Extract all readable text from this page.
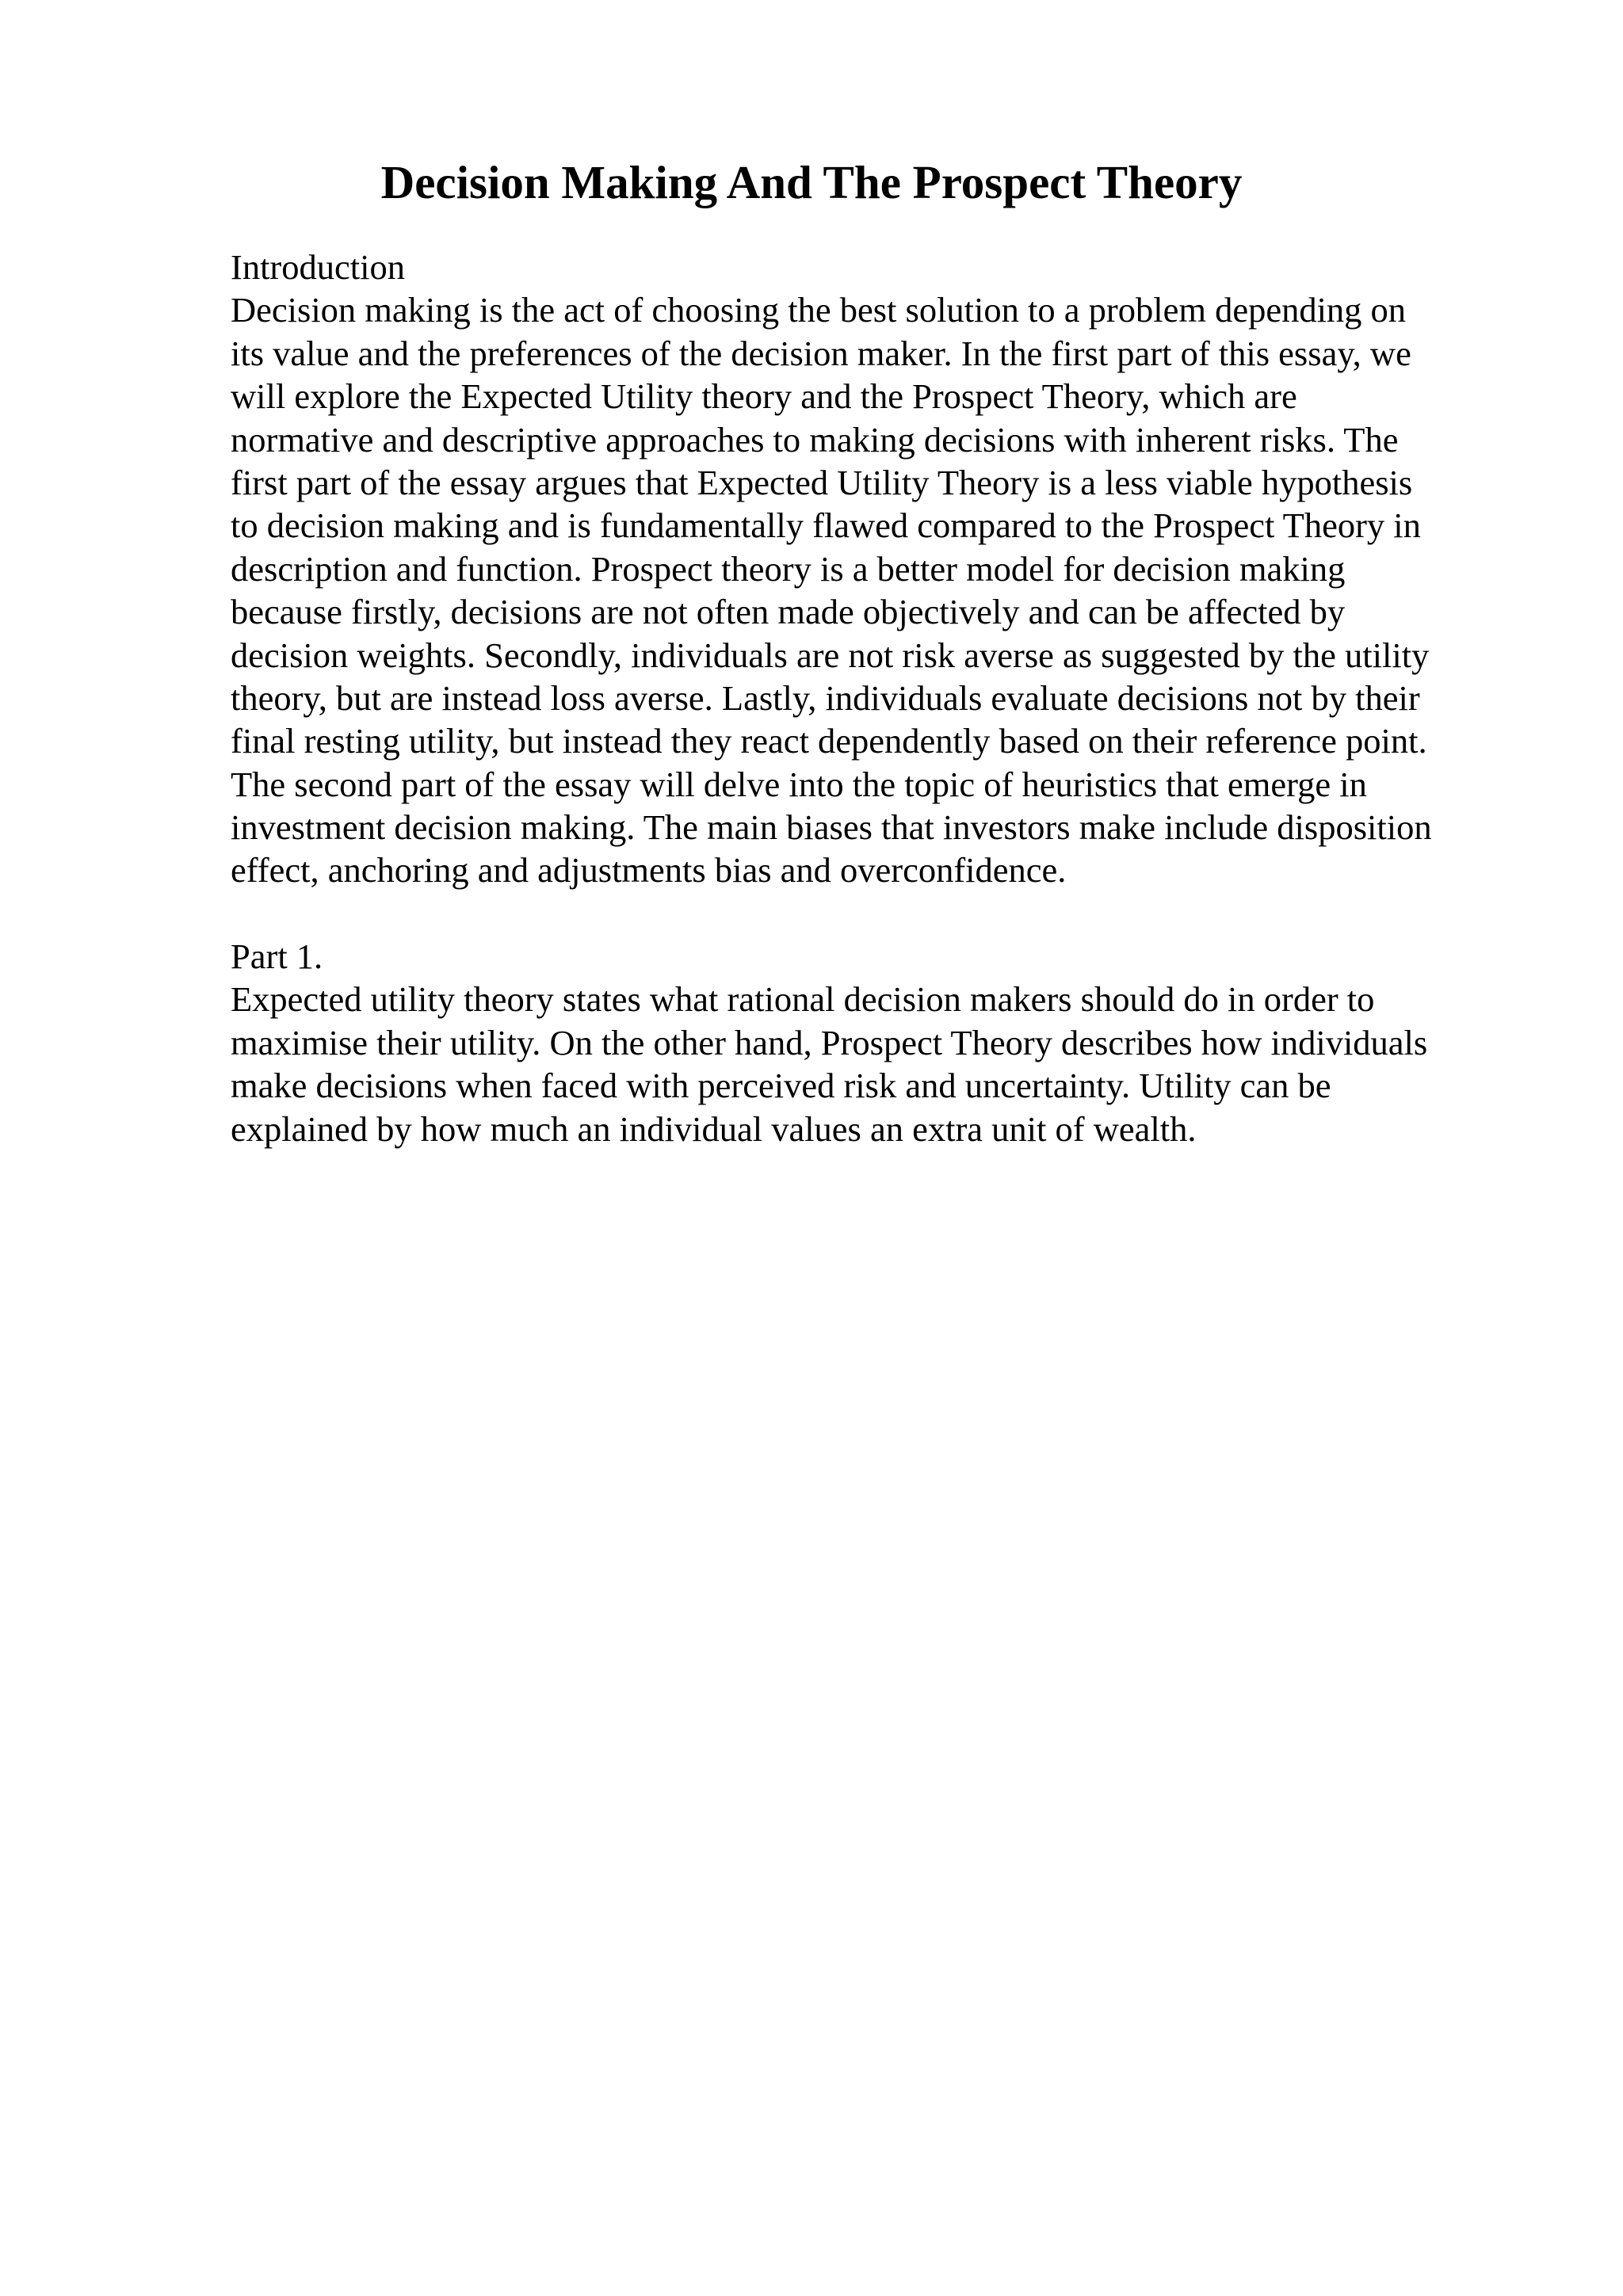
Decision Making And The Prospect Theory
Introduction
Decision making is the act of choosing the best solution to a problem depending on
its value and the preferences of the decision maker. In the first part of this essay, we
will explore the Expected Utility theory and the Prospect Theory, which are
normative and descriptive approaches to making decisions with inherent risks. The
first part of the essay argues that Expected Utility Theory is a less viable hypothesis
to decision making and is fundamentally flawed compared to the Prospect Theory in
description and function. Prospect theory is a better model for decision making
because firstly, decisions are not often made objectively and can be affected by
decision weights. Secondly, individuals are not risk averse as suggested by the utility
theory, but are instead loss averse. Lastly, individuals evaluate decisions not by their
final resting utility, but instead they react dependently based on their reference point.
The second part of the essay will delve into the topic of heuristics that emerge in
investment decision making. The main biases that investors make include disposition
effect, anchoring and adjustments bias and overconfidence.
Part 1.
Expected utility theory states what rational decision makers should do in order to
maximise their utility. On the other hand, Prospect Theory describes how individuals
make decisions when faced with perceived risk and uncertainty. Utility can be
explained by how much an individual values an extra unit of wealth.
